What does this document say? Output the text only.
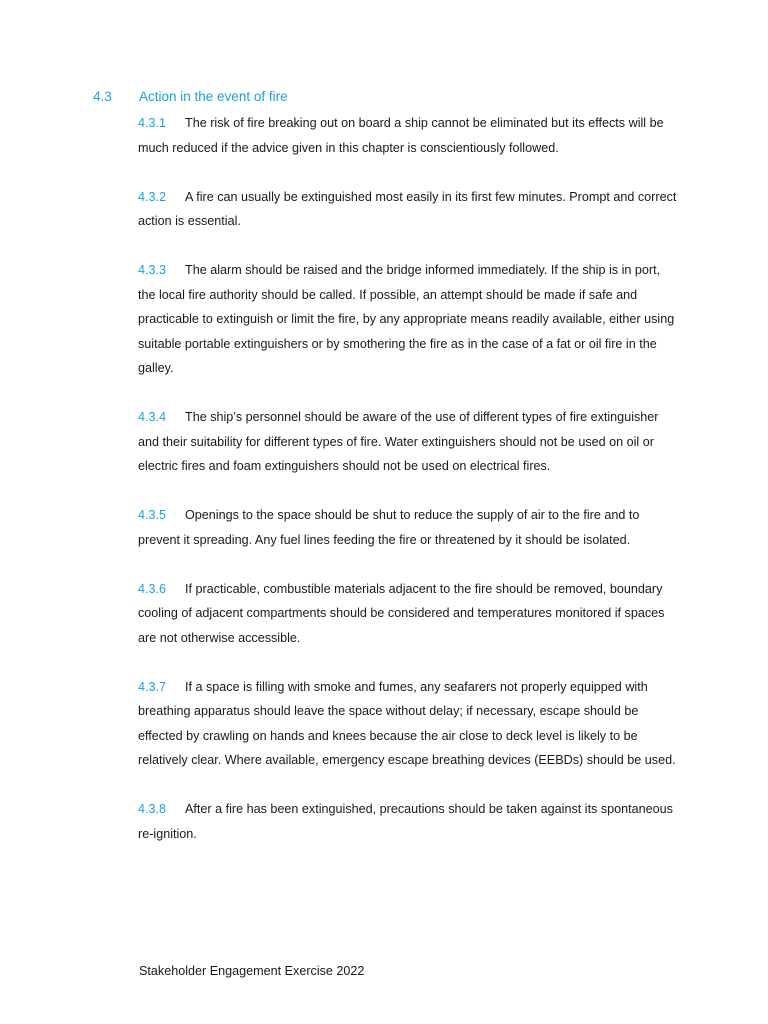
4.3 Action in the event of fire

4.3.1 The risk of fire breaking out on board a ship cannot be eliminated but its effects will be much reduced if the advice given in this chapter is conscientiously followed.

4.3.2 A fire can usually be extinguished most easily in its first few minutes. Prompt and correct action is essential.

4.3.3 The alarm should be raised and the bridge informed immediately. If the ship is in port, the local fire authority should be called. If possible, an attempt should be made if safe and practicable to extinguish or limit the fire, by any appropriate means readily available, either using suitable portable extinguishers or by smothering the fire as in the case of a fat or oil fire in the galley.

4.3.4 The ship’s personnel should be aware of the use of different types of fire extinguisher and their suitability for different types of fire. Water extinguishers should not be used on oil or electric fires and foam extinguishers should not be used on electrical fires.

4.3.5 Openings to the space should be shut to reduce the supply of air to the fire and to prevent it spreading. Any fuel lines feeding the fire or threatened by it should be isolated.

4.3.6 If practicable, combustible materials adjacent to the fire should be removed, boundary cooling of adjacent compartments should be considered and temperatures monitored if spaces are not otherwise accessible.

4.3.7 If a space is filling with smoke and fumes, any seafarers not properly equipped with breathing apparatus should leave the space without delay; if necessary, escape should be effected by crawling on hands and knees because the air close to deck level is likely to be relatively clear. Where available, emergency escape breathing devices (EEBDs) should be used.

4.3.8 After a fire has been extinguished, precautions should be taken against its spontaneous re-ignition.

Stakeholder Engagement Exercise 2022
